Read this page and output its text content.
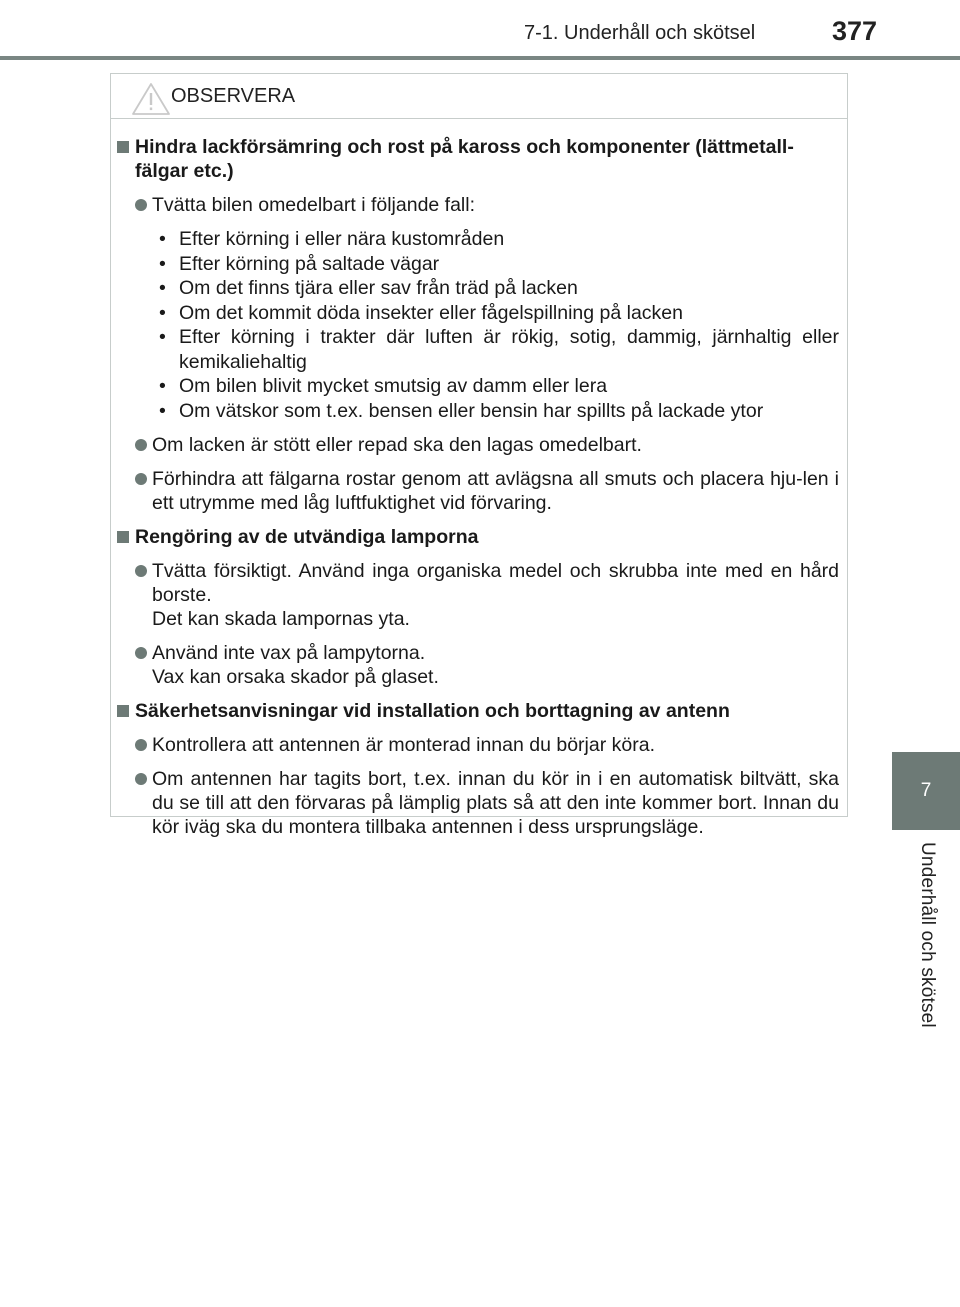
7-1. Underhåll och skötsel	377
7
Underhåll och skötsel
OBSERVERA
Hindra lackförsämring och rost på kaross och komponenter (lättmetall-fälgar etc.)
Tvätta bilen omedelbart i följande fall:
• Efter körning i eller nära kustområden
• Efter körning på saltade vägar
• Om det finns tjära eller sav från träd på lacken
• Om det kommit döda insekter eller fågelspillning på lacken
• Efter körning i trakter där luften är rökig, sotig, dammig, järnhaltig eller kemikaliehaltig
• Om bilen blivit mycket smutsig av damm eller lera
• Om vätskor som t.ex. bensen eller bensin har spillts på lackade ytor
Om lacken är stött eller repad ska den lagas omedelbart.
Förhindra att fälgarna rostar genom att avlägsna all smuts och placera hju-len i ett utrymme med låg luftfuktighet vid förvaring.
Rengöring av de utvändiga lamporna
Tvätta försiktigt. Använd inga organiska medel och skrubba inte med en hård borste.
Det kan skada lampornas yta.
Använd inte vax på lampytorna.
Vax kan orsaka skador på glaset.
Säkerhetsanvisningar vid installation och borttagning av antenn
Kontrollera att antennen är monterad innan du börjar köra.
Om antennen har tagits bort, t.ex. innan du kör in i en automatisk biltvätt, ska du se till att den förvaras på lämplig plats så att den inte kommer bort. Innan du kör iväg ska du montera tillbaka antennen i dess ursprungsläge.
